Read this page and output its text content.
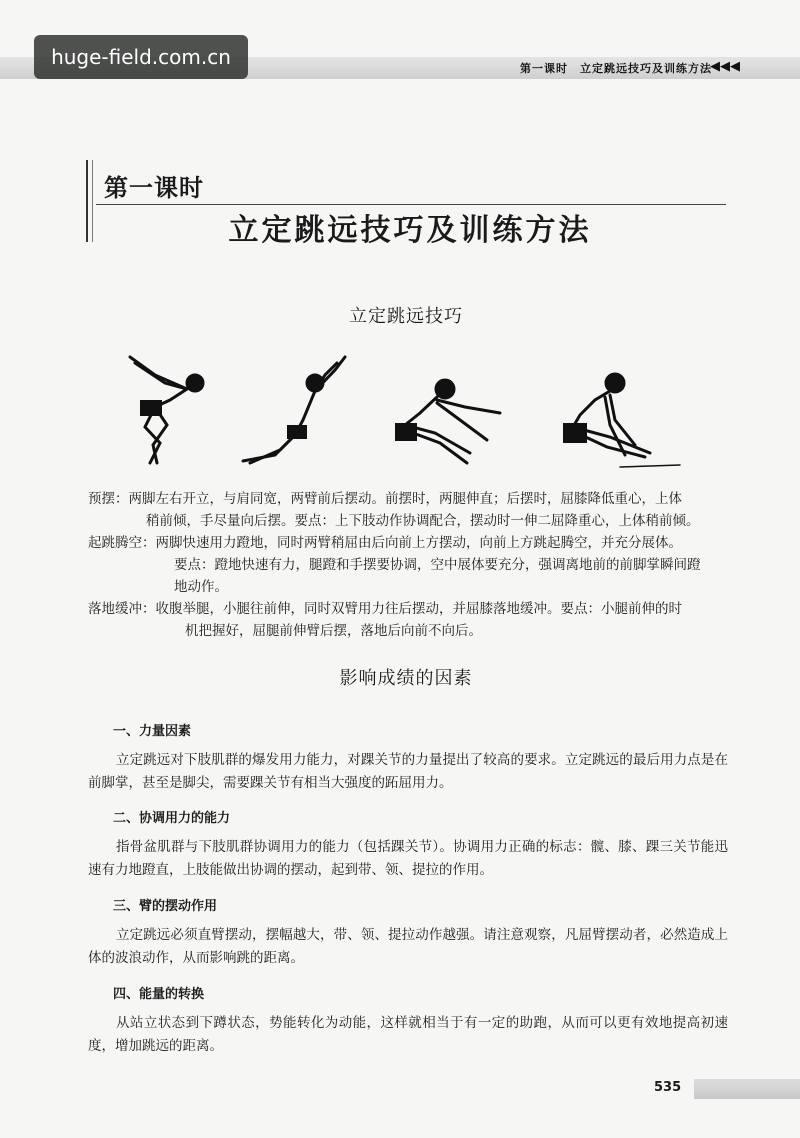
第一课时　立定跳远技巧及训练方法
◀◀◀
huge-field.com.cn
第一课时
立定跳远技巧及训练方法
立定跳远技巧
预摆：两脚左右开立，与肩同宽，两臂前后摆动。前摆时，两腿伸直；后摆时，屈膝降低重心，上体
稍前倾，手尽量向后摆。要点：上下肢动作协调配合，摆动时一伸二屈降重心，上体稍前倾。
起跳腾空：两脚快速用力蹬地，同时两臂稍屈由后向前上方摆动，向前上方跳起腾空，并充分展体。
要点：蹬地快速有力，腿蹬和手摆要协调，空中展体要充分，强调离地前的前脚掌瞬间蹬
地动作。
落地缓冲：收腹举腿，小腿往前伸，同时双臂用力往后摆动，并屈膝落地缓冲。要点：小腿前伸的时
机把握好，屈腿前伸臂后摆，落地后向前不向后。
影响成绩的因素
一、力量因素
立定跳远对下肢肌群的爆发用力能力，对踝关节的力量提出了较高的要求。立定跳远的最后用力点是在前脚掌，甚至是脚尖，需要踝关节有相当大强度的跖屈用力。
二、协调用力的能力
指骨盆肌群与下肢肌群协调用力的能力（包括踝关节）。协调用力正确的标志：髋、膝、踝三关节能迅速有力地蹬直，上肢能做出协调的摆动，起到带、领、提拉的作用。
三、臂的摆动作用
立定跳远必须直臂摆动，摆幅越大，带、领、提拉动作越强。请注意观察，凡屈臂摆动者，必然造成上体的波浪动作，从而影响跳的距离。
四、能量的转换
从站立状态到下蹲状态，势能转化为动能，这样就相当于有一定的助跑，从而可以更有效地提高初速度，增加跳远的距离。
535
